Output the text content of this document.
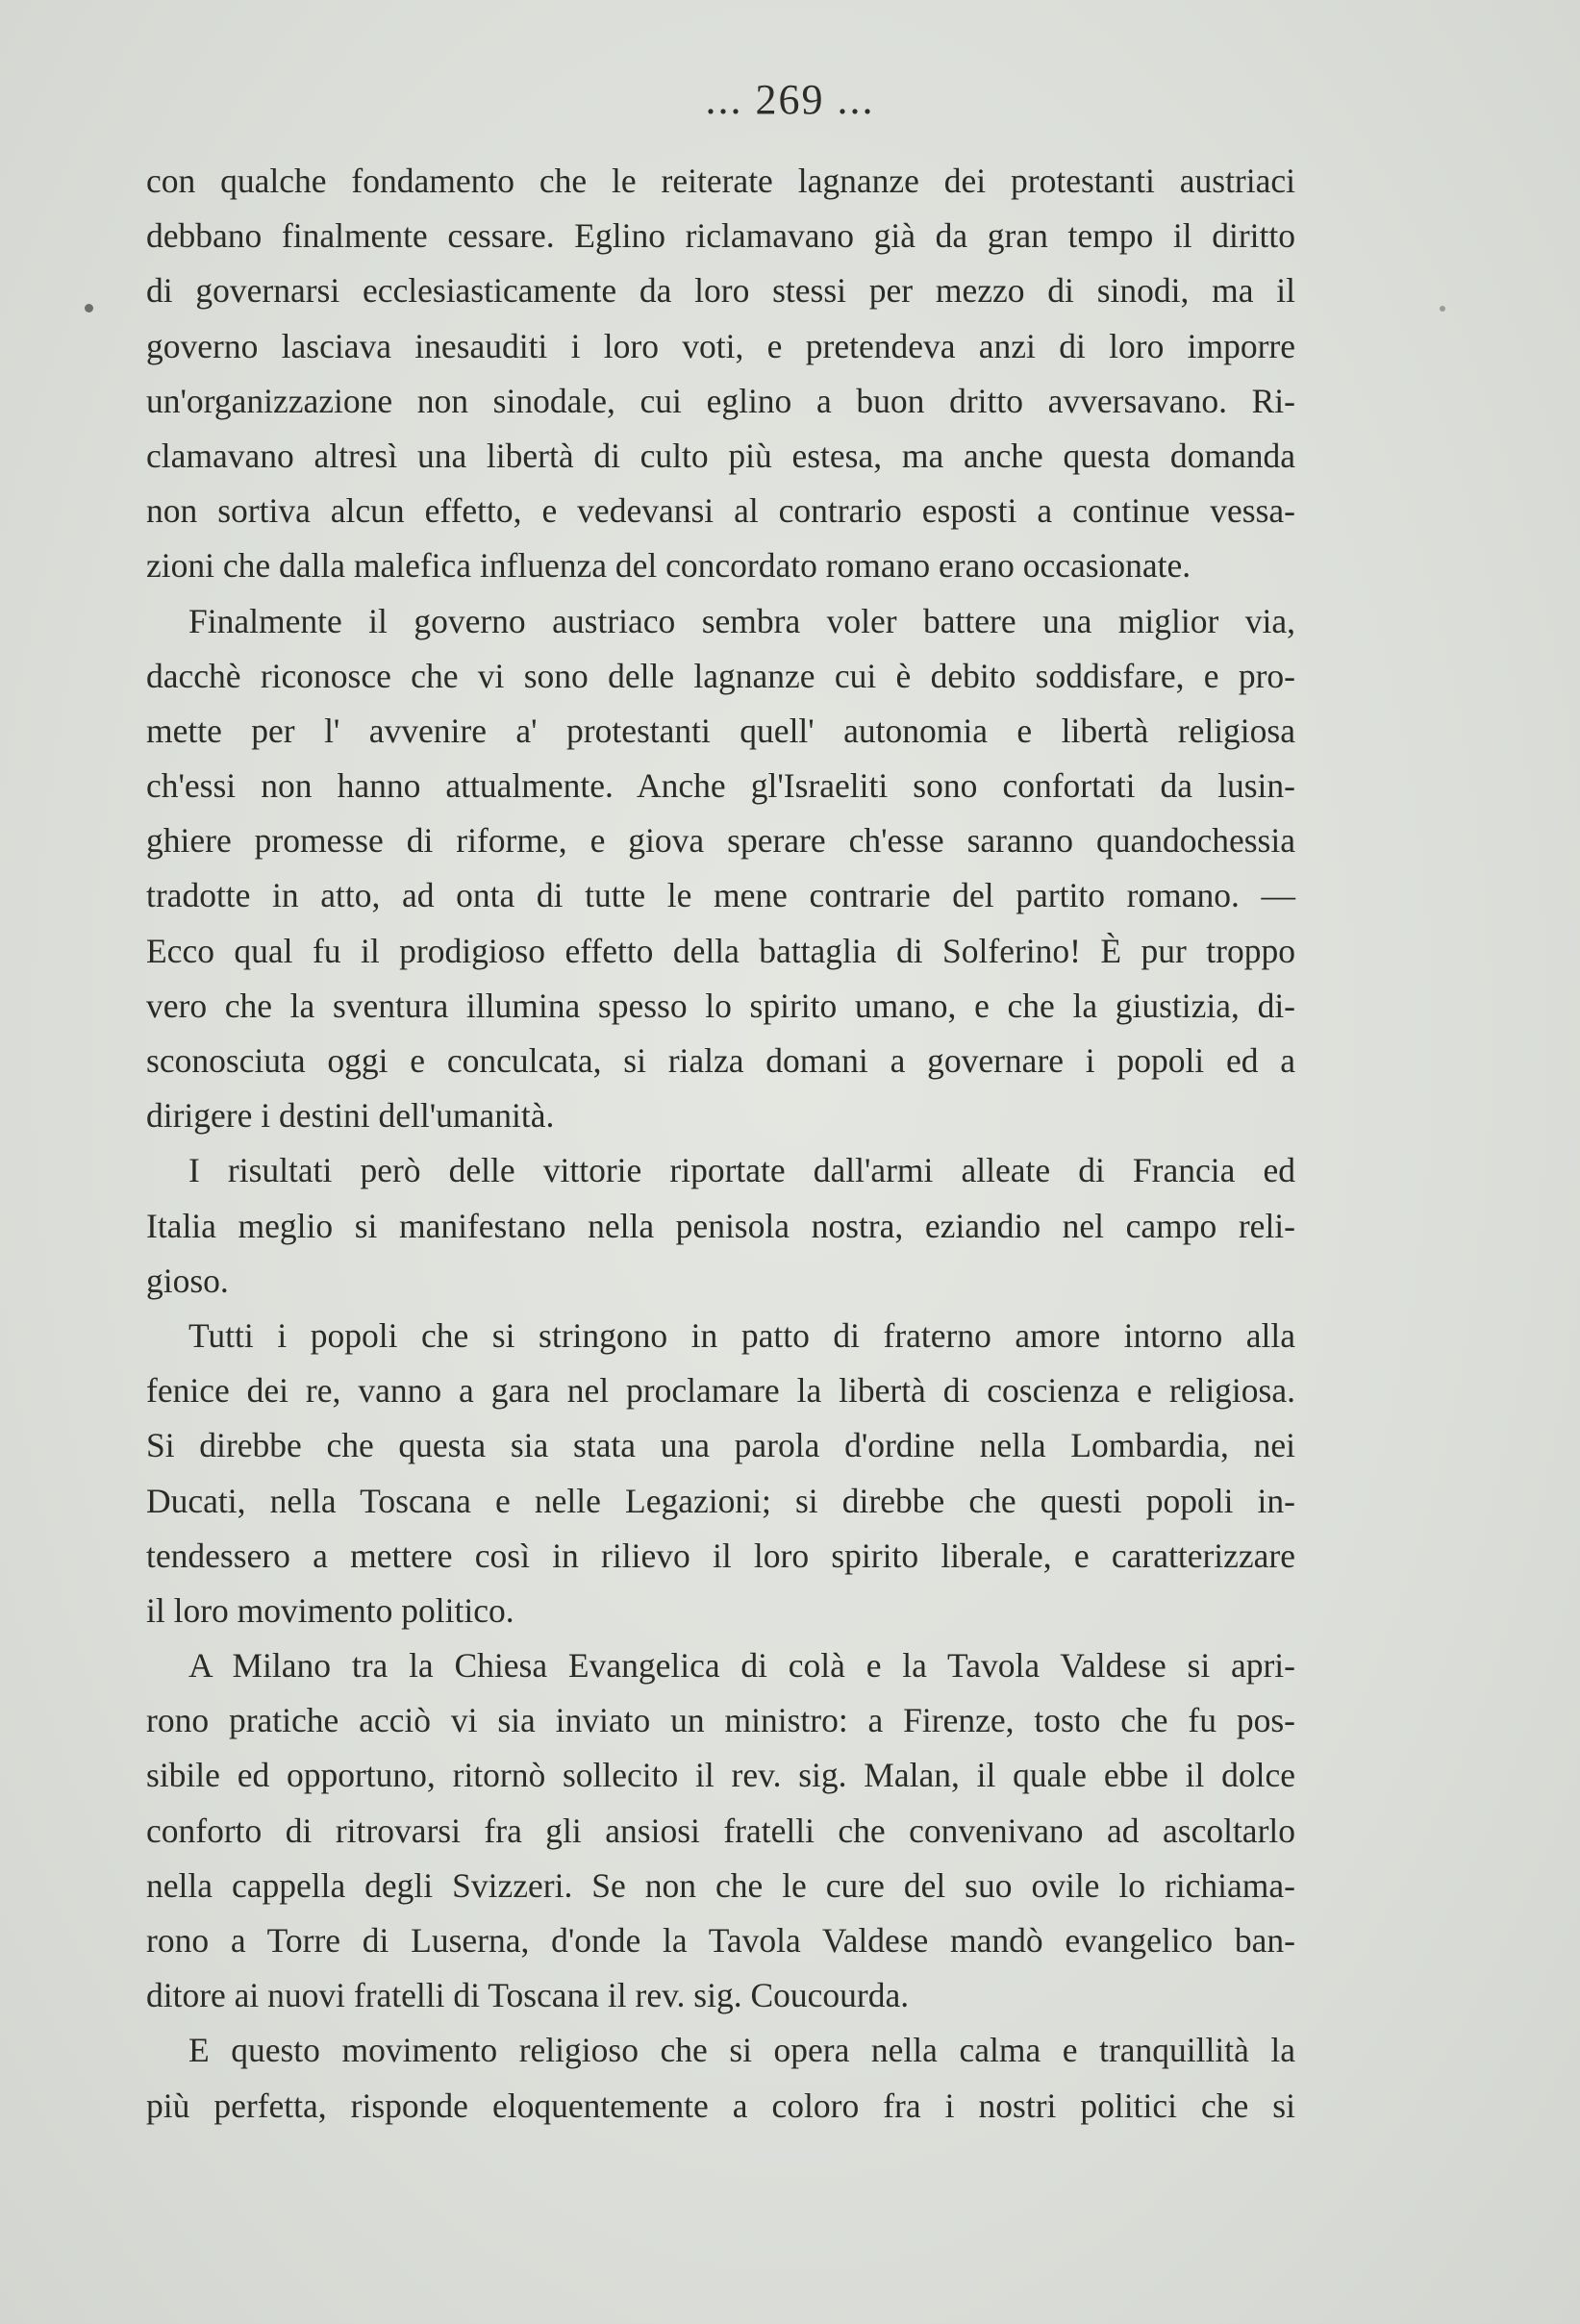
... 269 ...
con qualche fondamento che le reiterate lagnanze dei protestanti austriaci
debbano finalmente cessare. Eglino riclamavano già da gran tempo il diritto
di governarsi ecclesiasticamente da loro stessi per mezzo di sinodi, ma il
governo lasciava inesauditi i loro voti, e pretendeva anzi di loro imporre
un'organizzazione non sinodale, cui eglino a buon dritto avversavano. Ri-
clamavano altresì una libertà di culto più estesa, ma anche questa domanda
non sortiva alcun effetto, e vedevansi al contrario esposti a continue vessa-
zioni che dalla malefica influenza del concordato romano erano occasionate.
Finalmente il governo austriaco sembra voler battere una miglior via,
dacchè riconosce che vi sono delle lagnanze cui è debito soddisfare, e pro-
mette per l' avvenire a' protestanti quell' autonomia e libertà religiosa
ch'essi non hanno attualmente. Anche gl'Israeliti sono confortati da lusin-
ghiere promesse di riforme, e giova sperare ch'esse saranno quandochessia
tradotte in atto, ad onta di tutte le mene contrarie del partito romano. —
Ecco qual fu il prodigioso effetto della battaglia di Solferino! È pur troppo
vero che la sventura illumina spesso lo spirito umano, e che la giustizia, di-
sconosciuta oggi e conculcata, si rialza domani a governare i popoli ed a
dirigere i destini dell'umanità.
I risultati però delle vittorie riportate dall'armi alleate di Francia ed
Italia meglio si manifestano nella penisola nostra, eziandio nel campo reli-
gioso.
Tutti i popoli che si stringono in patto di fraterno amore intorno alla
fenice dei re, vanno a gara nel proclamare la libertà di coscienza e religiosa.
Si direbbe che questa sia stata una parola d'ordine nella Lombardia, nei
Ducati, nella Toscana e nelle Legazioni; si direbbe che questi popoli in-
tendessero a mettere così in rilievo il loro spirito liberale, e caratterizzare
il loro movimento politico.
A Milano tra la Chiesa Evangelica di colà e la Tavola Valdese si apri-
rono pratiche acciò vi sia inviato un ministro: a Firenze, tosto che fu pos-
sibile ed opportuno, ritornò sollecito il rev. sig. Malan, il quale ebbe il dolce
conforto di ritrovarsi fra gli ansiosi fratelli che convenivano ad ascoltarlo
nella cappella degli Svizzeri. Se non che le cure del suo ovile lo richiama-
rono a Torre di Luserna, d'onde la Tavola Valdese mandò evangelico ban-
ditore ai nuovi fratelli di Toscana il rev. sig. Coucourda.
E questo movimento religioso che si opera nella calma e tranquillità la
più perfetta, risponde eloquentemente a coloro fra i nostri politici che si
